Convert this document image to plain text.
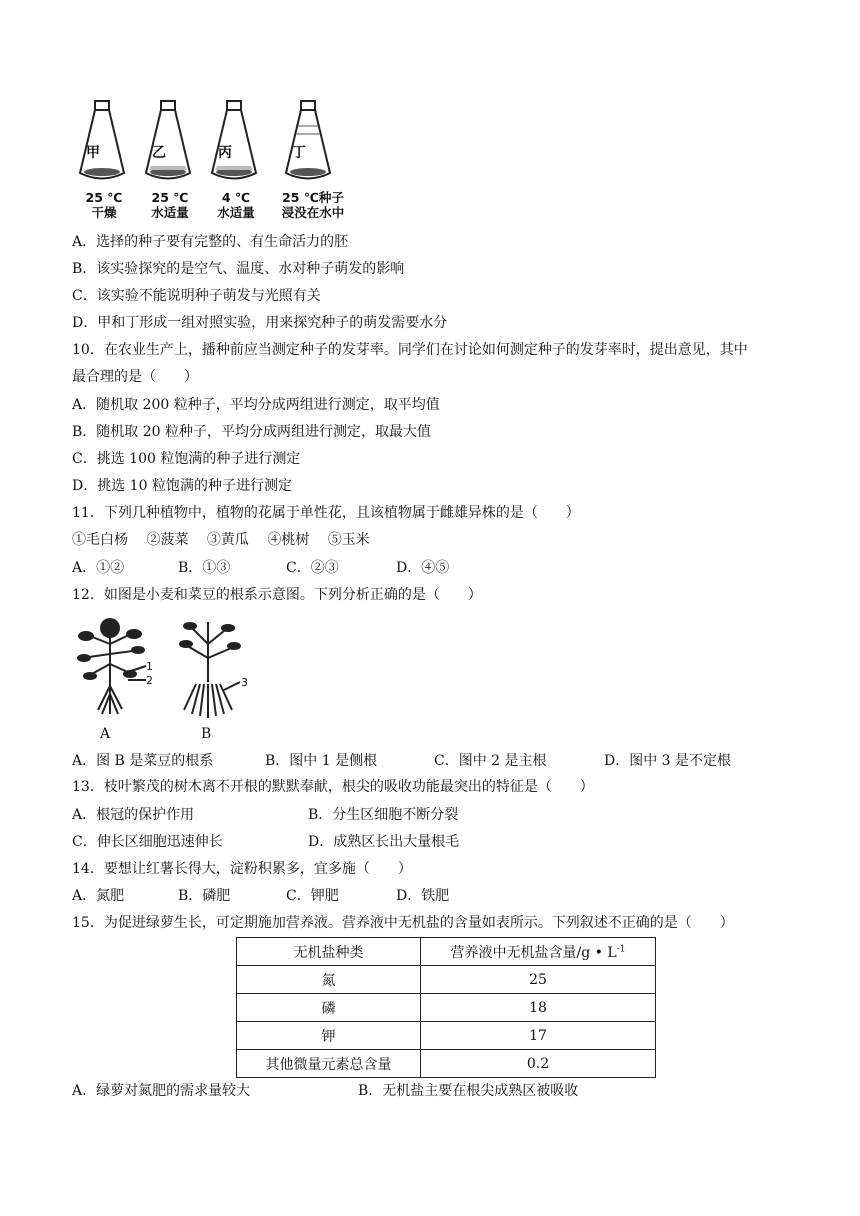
甲	乙	丙	丁
25 ℃
干燥
25 ℃
水适量
4 ℃
水适量
25 ℃种子
浸没在水中
A．选择的种子要有完整的、有生命活力的胚
B．该实验探究的是空气、温度、水对种子萌发的影响
C．该实验不能说明种子萌发与光照有关
D．甲和丁形成一组对照实验，用来探究种子的萌发需要水分
10．在农业生产上，播种前应当测定种子的发芽率。同学们在讨论如何测定种子的发芽率时，提出意见，其中
最合理的是（　　）
A．随机取 200 粒种子，平均分成两组进行测定，取平均值
B．随机取 20 粒种子，平均分成两组进行测定，取最大值
C．挑选 100 粒饱满的种子进行测定
D．挑选 10 粒饱满的种子进行测定
11．下列几种植物中，植物的花属于单性花，且该植物属于雌雄异株的是（　　）
①毛白杨　 ②菠菜　 ③黄瓜　 ④桃树　 ⑤玉米
A．①②	B．①③	C．②③	D．④⑤
12．如图是小麦和菜豆的根系示意图。下列分析正确的是（　　）
1
2	3
A	B
A．图 B 是菜豆的根系	B．图中 1 是侧根	C．图中 2 是主根	D．图中 3 是不定根
13．枝叶繁茂的树木离不开根的默默奉献，根尖的吸收功能最突出的特征是（　　）
A．根冠的保护作用	B．分生区细胞不断分裂
C．伸长区细胞迅速伸长	D．成熟区长出大量根毛
14．要想让红薯长得大，淀粉积累多，宜多施（　　）
A．氮肥	B．磷肥	C．钾肥	D．铁肥
15．为促进绿萝生长，可定期施加营养液。营养液中无机盐的含量如表所示。下列叙述不正确的是（　　）
无机盐种类	营养液中无机盐含量/g • $L^{-1}$
氮	25
磷	18
钾	17
其他微量元素总含量	0.2
A．绿萝对氮肥的需求量较大	B．无机盐主要在根尖成熟区被吸收
